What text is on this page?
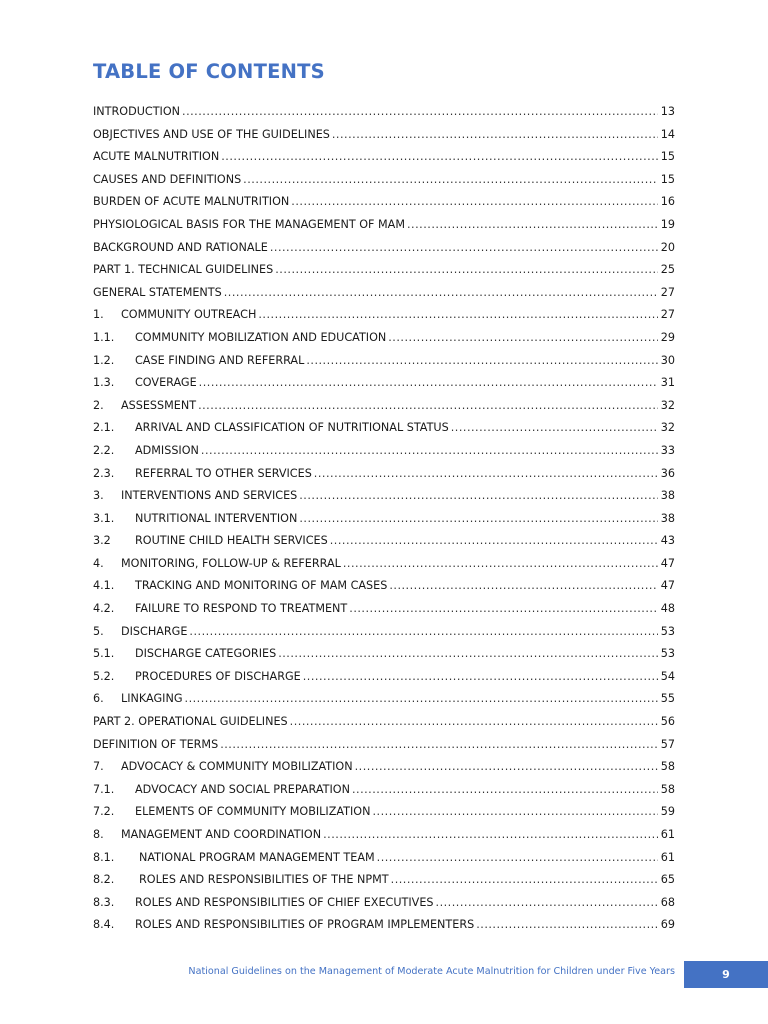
TABLE OF CONTENTS
INTRODUCTION .....	13
OBJECTIVES AND USE OF THE GUIDELINES .....	14
ACUTE MALNUTRITION .....	15
CAUSES AND DEFINITIONS .....	15
BURDEN OF ACUTE MALNUTRITION .....	16
PHYSIOLOGICAL BASIS FOR THE MANAGEMENT OF MAM .....	19
BACKGROUND AND RATIONALE .....	20
PART 1. TECHNICAL GUIDELINES .....	25
GENERAL STATEMENTS .....	27
1.	COMMUNITY OUTREACH .....	27
1.1.	COMMUNITY MOBILIZATION AND EDUCATION .....	29
1.2.	CASE FINDING AND REFERRAL .....	30
1.3.	COVERAGE .....	31
2.	ASSESSMENT .....	32
2.1.	ARRIVAL AND CLASSIFICATION OF NUTRITIONAL STATUS .....	32
2.2.	ADMISSION .....	33
2.3.	REFERRAL TO OTHER SERVICES .....	36
3.	INTERVENTIONS AND SERVICES .....	38
3.1.	NUTRITIONAL INTERVENTION .....	38
3.2	ROUTINE CHILD HEALTH SERVICES .....	43
4.	MONITORING, FOLLOW-UP & REFERRAL .....	47
4.1.	TRACKING AND MONITORING OF MAM CASES .....	47
4.2.	FAILURE TO RESPOND TO TREATMENT .....	48
5.	DISCHARGE .....	53
5.1.	DISCHARGE CATEGORIES .....	53
5.2.	PROCEDURES OF DISCHARGE .....	54
6.	LINKAGING .....	55
PART 2. OPERATIONAL GUIDELINES .....	56
DEFINITION OF TERMS .....	57
7.	ADVOCACY & COMMUNITY MOBILIZATION .....	58
7.1.	ADVOCACY AND SOCIAL PREPARATION .....	58
7.2.	ELEMENTS OF COMMUNITY MOBILIZATION .....	59
8.	MANAGEMENT AND COORDINATION .....	61
8.1.	NATIONAL PROGRAM MANAGEMENT TEAM .....	61
8.2.	ROLES AND RESPONSIBILITIES OF THE NPMT .....	65
8.3.	ROLES AND RESPONSIBILITIES OF CHIEF EXECUTIVES .....	68
8.4.	ROLES AND RESPONSIBILITIES OF PROGRAM IMPLEMENTERS .....	69
National Guidelines on the Management of Moderate Acute Malnutrition for Children under Five Years	9
